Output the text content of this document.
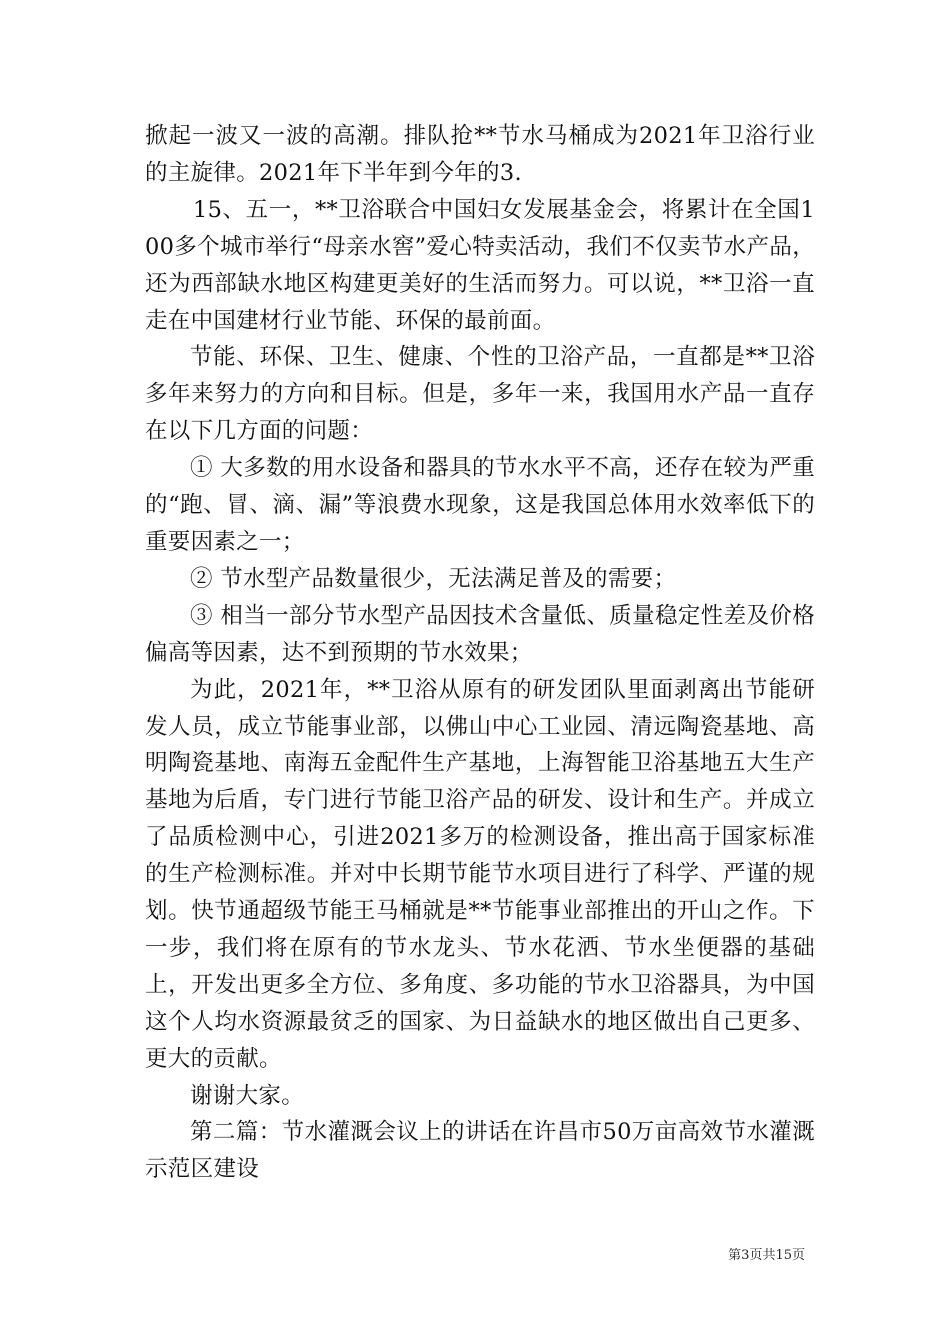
掀起一波又一波的高潮。排队抢**节水马桶成为2021年卫浴行业的主旋律。2021年下半年到今年的3.

15、五一，**卫浴联合中国妇女发展基金会，将累计在全国100多个城市举行“母亲水窖”爱心特卖活动，我们不仅卖节水产品，还为西部缺水地区构建更美好的生活而努力。可以说，**卫浴一直走在中国建材行业节能、环保的最前面。

节能、环保、卫生、健康、个性的卫浴产品，一直都是**卫浴多年来努力的方向和目标。但是，多年一来，我国用水产品一直存在以下几方面的问题：

① 大多数的用水设备和器具的节水水平不高，还存在较为严重的“跑、冒、滴、漏”等浪费水现象，这是我国总体用水效率低下的重要因素之一；

② 节水型产品数量很少，无法满足普及的需要；

③ 相当一部分节水型产品因技术含量低、质量稳定性差及价格偏高等因素，达不到预期的节水效果；

为此，2021年，**卫浴从原有的研发团队里面剥离出节能研发人员，成立节能事业部，以佛山中心工业园、清远陶瓷基地、高明陶瓷基地、南海五金配件生产基地，上海智能卫浴基地五大生产基地为后盾，专门进行节能卫浴产品的研发、设计和生产。并成立了品质检测中心，引进2021多万的检测设备，推出高于国家标准的生产检测标准。并对中长期节能节水项目进行了科学、严谨的规划。快节通超级节能王马桶就是**节能事业部推出的开山之作。下一步，我们将在原有的节水龙头、节水花洒、节水坐便器的基础上，开发出更多全方位、多角度、多功能的节水卫浴器具，为中国这个人均水资源最贫乏的国家、为日益缺水的地区做出自己更多、更大的贡献。

谢谢大家。

第二篇：节水灌溉会议上的讲话在许昌市50万亩高效节水灌溉示范区建设

第3页共15页
